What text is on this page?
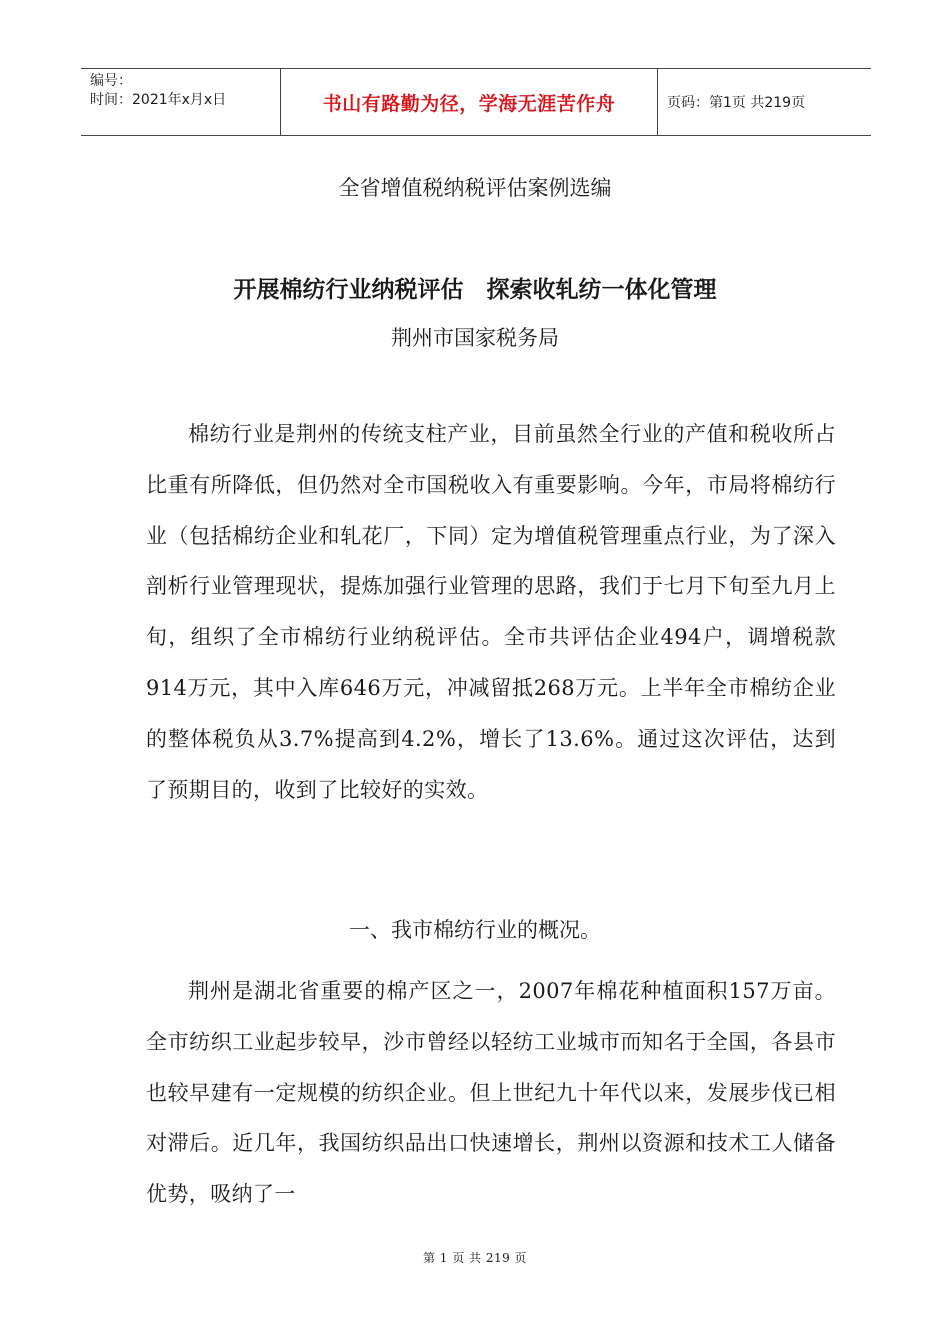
编号：
时间：2021年x月x日	书山有路勤为径，学海无涯苦作舟	页码：第1页 共219页
全省增值税纳税评估案例选编
开展棉纺行业纳税评估　探索收轧纺一体化管理
荆州市国家税务局

棉纺行业是荆州的传统支柱产业，目前虽然全行业的产值和税收所占比重有所降低，但仍然对全市国税收入有重要影响。今年，市局将棉纺行业（包括棉纺企业和轧花厂，下同）定为增值税管理重点行业，为了深入剖析行业管理现状，提炼加强行业管理的思路，我们于七月下旬至九月上旬，组织了全市棉纺行业纳税评估。全市共评估企业494户，调增税款914万元，其中入库646万元，冲减留抵268万元。上半年全市棉纺企业的整体税负从3.7%提高到4.2%，增长了13.6%。通过这次评估，达到了预期目的，收到了比较好的实效。

一、我市棉纺行业的概况。

荆州是湖北省重要的棉产区之一，2007年棉花种植面积157万亩。全市纺织工业起步较早，沙市曾经以轻纺工业城市而知名于全国，各县市也较早建有一定规模的纺织企业。但上世纪九十年代以来，发展步伐已相对滞后。近几年，我国纺织品出口快速增长，荆州以资源和技术工人储备优势，吸纳了一

第 1 页 共 219 页
